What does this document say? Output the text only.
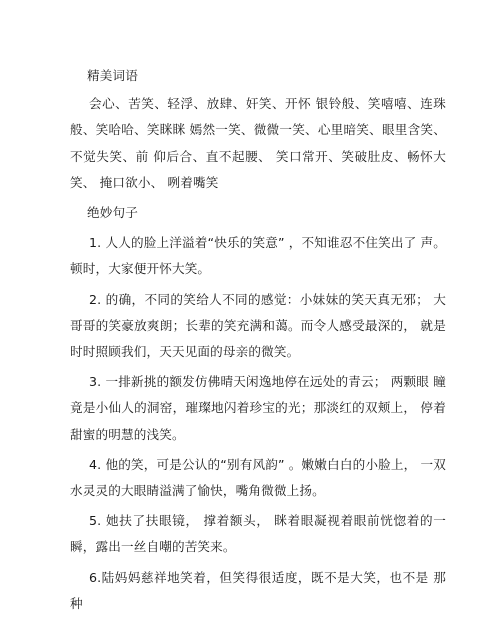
精美词语

会心、苦笑、轻浮、放肆、奸笑、开怀 银铃般、笑嘻嘻、连珠般、笑哈哈、笑眯眯 嫣然一笑、微微一笑、心里暗笑、眼里含笑、不觉失笑、前 仰后合、直不起腰、 笑口常开、笑破肚皮、畅怀大笑、 掩口欲小、 咧着嘴笑

绝妙句子

1. 人人的脸上洋溢着“快乐的笑意” ，不知谁忍不住笑出了 声。顿时，大家便开怀大笑。

2. 的确，不同的笑给人不同的感觉：小妹妹的笑天真无邪； 大哥哥的笑豪放爽朗；长辈的笑充满和蔼。而令人感受最深的， 就是时时照顾我们，天天见面的母亲的微笑。

3. 一排新挑的额发仿佛晴天闲逸地停在远处的青云； 两颗眼 瞳竟是小仙人的洞窑，璀璨地闪着珍宝的光；那淡红的双颊上， 停着甜蜜的明慧的浅笑。

4. 他的笑，可是公认的“别有风韵” 。嫩嫩白白的小脸上， 一双水灵灵的大眼睛溢满了愉快，嘴角微微上扬。

5. 她扶了扶眼镜， 撑着额头， 眯着眼凝视着眼前恍惚着的一 瞬，露出一丝自嘲的苦笑来。

6.陆妈妈慈祥地笑着，但笑得很适度，既不是大笑，也不是 那种
